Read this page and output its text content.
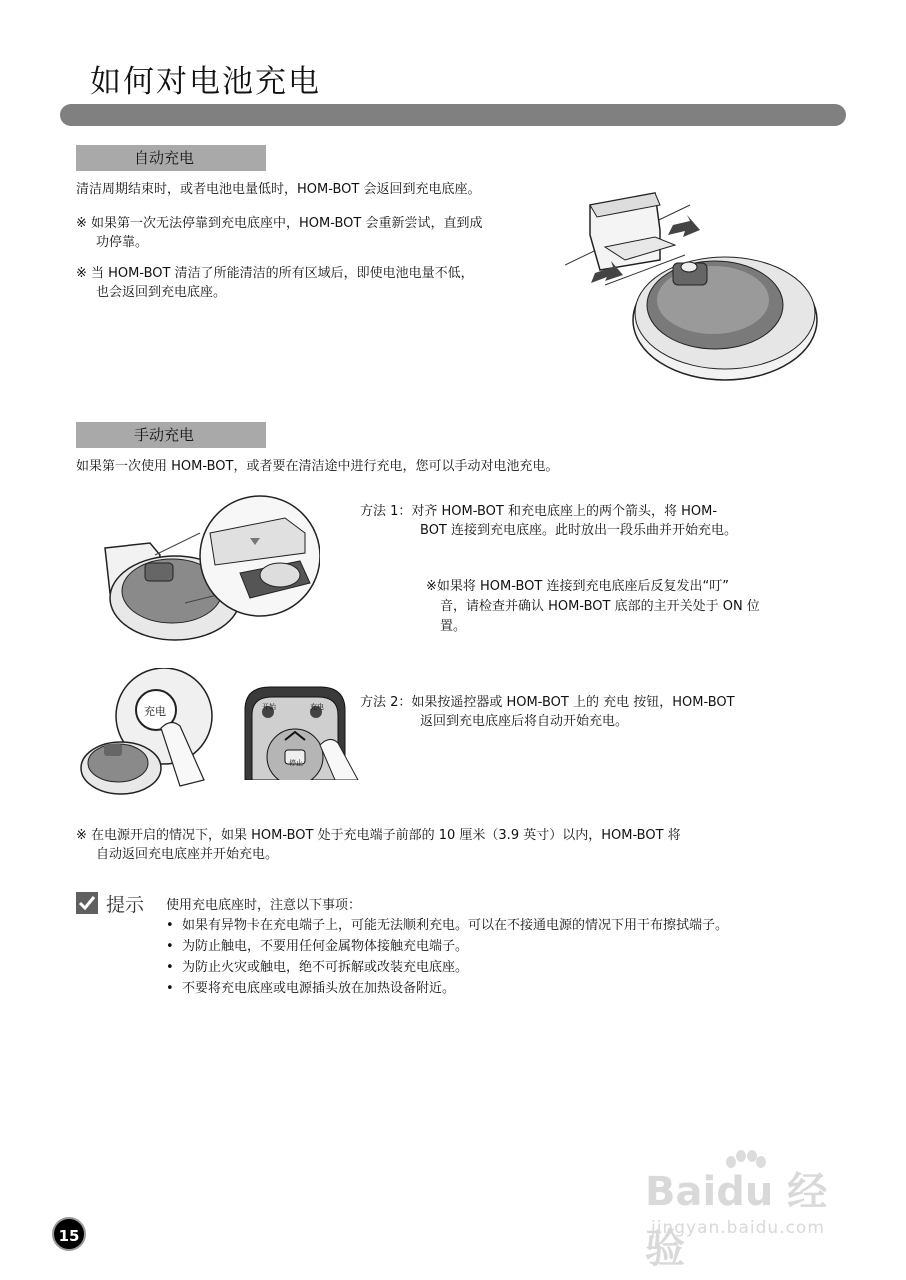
如何对电池充电
自动充电
清洁周期结束时，或者电池电量低时，HOM-BOT 会返回到充电底座。
※ 如果第一次无法停靠到充电底座中，HOM-BOT 会重新尝试，直到成
功停靠。
※ 当 HOM-BOT 清洁了所能清洁的所有区域后，即使电池电量不低，
也会返回到充电底座。
手动充电
如果第一次使用 HOM-BOT，或者要在清洁途中进行充电，您可以手动对电池充电。
方法 1：对齐 HOM-BOT 和充电底座上的两个箭头，将 HOM-
BOT 连接到充电底座。此时放出一段乐曲并开始充电。
※如果将 HOM-BOT 连接到充电底座后反复发出“叮”
音，请检查并确认 HOM-BOT 底部的主开关处于 ON 位
置。
充电	开始	充电
停止
方法 2：如果按遥控器或 HOM-BOT 上的 充电 按钮，HOM-BOT
返回到充电底座后将自动开始充电。
※ 在电源开启的情况下，如果 HOM-BOT 处于充电端子前部的 10 厘米（3.9 英寸）以内，HOM-BOT 将
自动返回充电底座并开始充电。
提示 使用充电底座时，注意以下事项：
• 如果有异物卡在充电端子上，可能无法顺利充电。可以在不接通电源的情况下用干布擦拭端子。
• 为防止触电，不要用任何金属物体接触充电端子。
• 为防止火灾或触电，绝不可拆解或改装充电底座。
• 不要将充电底座或电源插头放在加热设备附近。
15
Baidu 经验
jingyan.baidu.com
